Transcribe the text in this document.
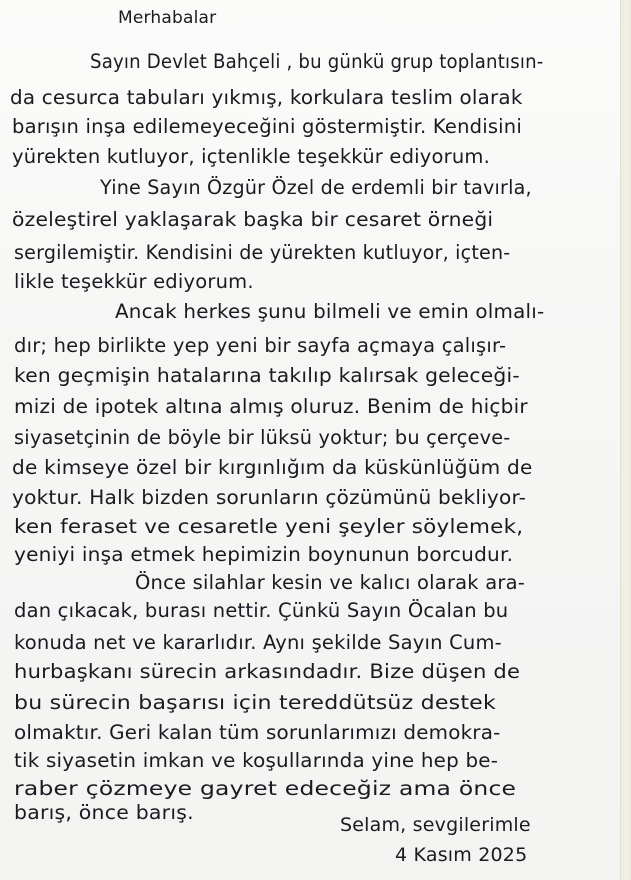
Merhabalar
Sayın Devlet Bahçeli , bu günkü grup toplantısın-
da cesurca tabuları yıkmış, korkulara teslim olarak
barışın inşa edilemeyeceğini göstermiştir. Kendisini
yürekten kutluyor, içtenlikle teşekkür ediyorum.
Yine Sayın Özgür Özel de erdemli bir tavırla,
özeleştirel yaklaşarak başka bir cesaret örneği
sergilemiştir. Kendisini de yürekten kutluyor, içten-
likle teşekkür ediyorum.
Ancak herkes şunu bilmeli ve emin olmalı-
dır; hep birlikte yep yeni bir sayfa açmaya çalışır-
ken geçmişin hatalarına takılıp kalırsak geleceği-
mizi de ipotek altına almış oluruz. Benim de hiçbir
siyasetçinin de böyle bir lüksü yoktur; bu çerçeve-
de kimseye özel bir kırgınlığım da küskünlüğüm de
yoktur. Halk bizden sorunların çözümünü bekliyor-
ken feraset ve cesaretle yeni şeyler söylemek,
yeniyi inşa etmek hepimizin boynunun borcudur.
Önce silahlar kesin ve kalıcı olarak ara-
dan çıkacak, burası nettir. Çünkü Sayın Öcalan bu
konuda net ve kararlıdır. Aynı şekilde Sayın Cum-
hurbaşkanı sürecin arkasındadır. Bize düşen de
bu sürecin başarısı için tereddütsüz destek
olmaktır. Geri kalan tüm sorunlarımızı demokra-
tik siyasetin imkan ve koşullarında yine hep be-
raber çözmeye gayret edeceğiz ama önce
barış, önce barış.
Selam, sevgilerimle
4 Kasım 2025
